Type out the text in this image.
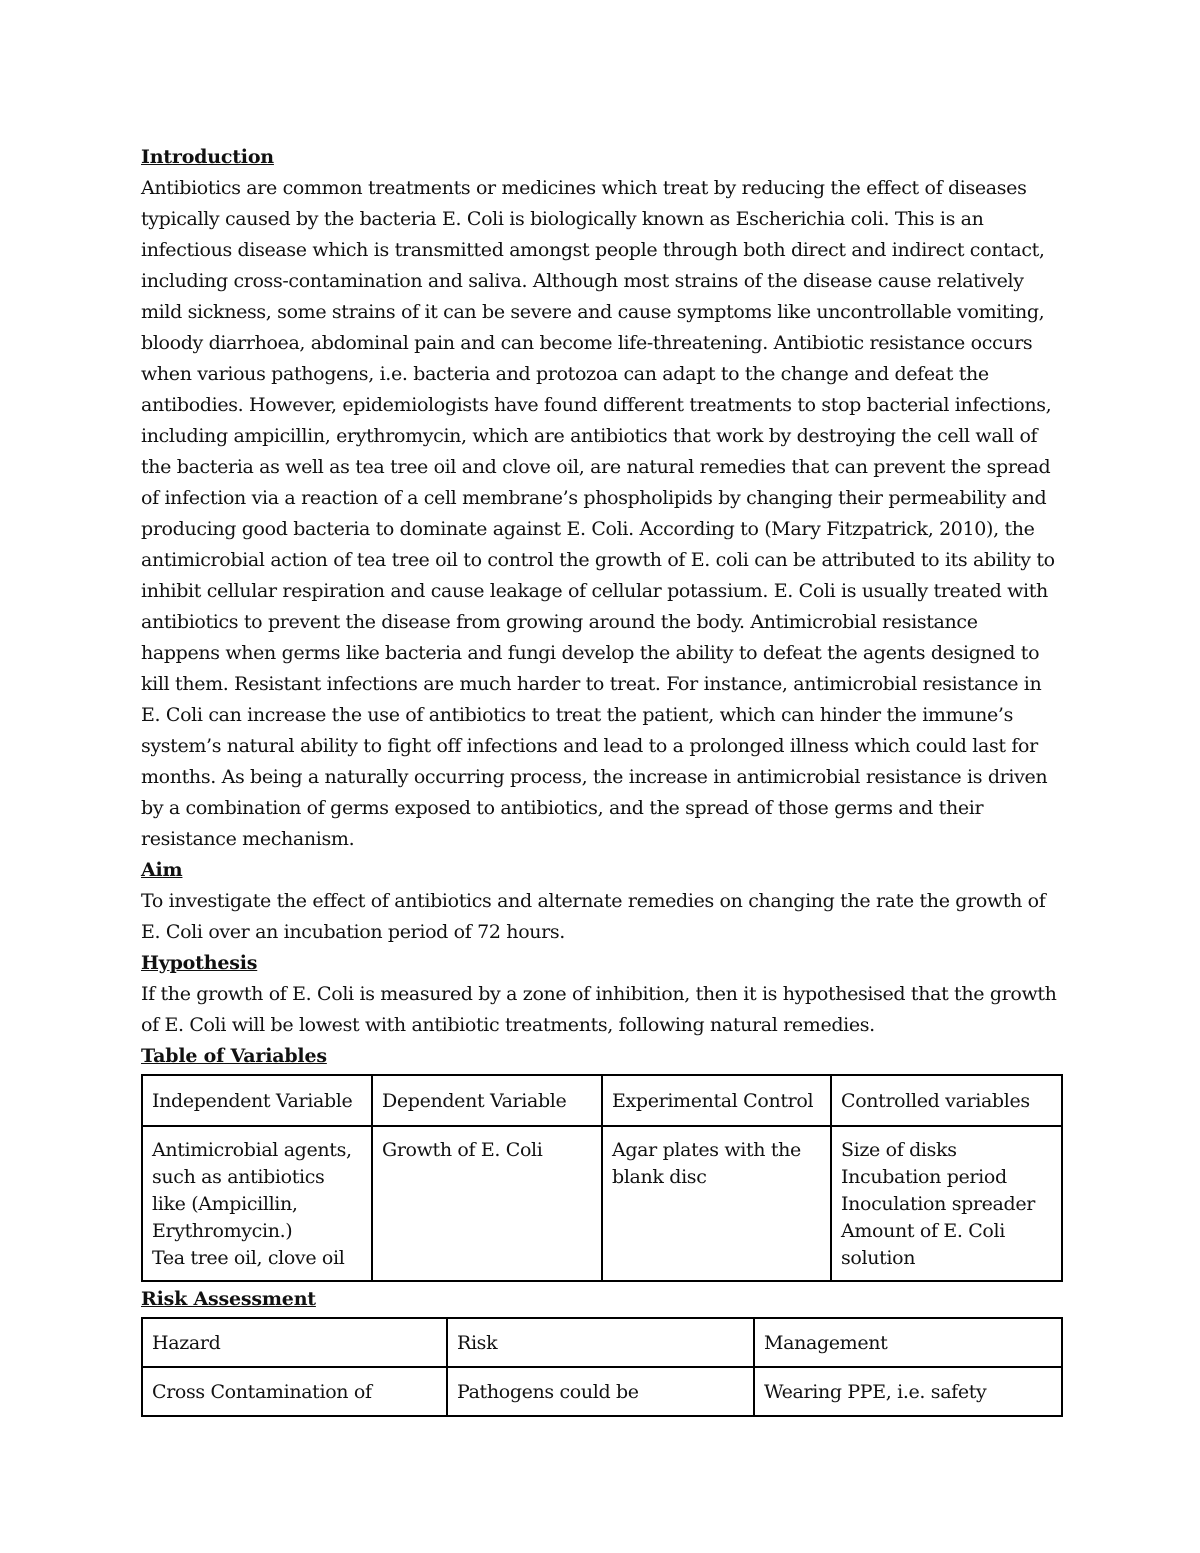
Introduction

Antibiotics are common treatments or medicines which treat by reducing the effect of diseases typically caused by the bacteria E. Coli is biologically known as Escherichia coli. This is an infectious disease which is transmitted amongst people through both direct and indirect contact, including cross-contamination and saliva. Although most strains of the disease cause relatively mild sickness, some strains of it can be severe and cause symptoms like uncontrollable vomiting, bloody diarrhoea, abdominal pain and can become life-threatening. Antibiotic resistance occurs when various pathogens, i.e. bacteria and protozoa can adapt to the change and defeat the antibodies. However, epidemiologists have found different treatments to stop bacterial infections, including ampicillin, erythromycin, which are antibiotics that work by destroying the cell wall of the bacteria as well as tea tree oil and clove oil, are natural remedies that can prevent the spread of infection via a reaction of a cell membrane’s phospholipids by changing their permeability and producing good bacteria to dominate against E. Coli. According to (Mary Fitzpatrick, 2010), the antimicrobial action of tea tree oil to control the growth of E. coli can be attributed to its ability to inhibit cellular respiration and cause leakage of cellular potassium. E. Coli is usually treated with antibiotics to prevent the disease from growing around the body. Antimicrobial resistance happens when germs like bacteria and fungi develop the ability to defeat the agents designed to kill them. Resistant infections are much harder to treat. For instance, antimicrobial resistance in E. Coli can increase the use of antibiotics to treat the patient, which can hinder the immune’s system’s natural ability to fight off infections and lead to a prolonged illness which could last for months. As being a naturally occurring process, the increase in antimicrobial resistance is driven by a combination of germs exposed to antibiotics, and the spread of those germs and their resistance mechanism.

Aim

To investigate the effect of antibiotics and alternate remedies on changing the rate the growth of E. Coli over an incubation period of 72 hours.

Hypothesis

If the growth of E. Coli is measured by a zone of inhibition, then it is hypothesised that the growth of E. Coli will be lowest with antibiotic treatments, following natural remedies.

Table of Variables

Independent Variable	Dependent Variable	Experimental Control	Controlled variables

Antimicrobial agents, such as antibiotics like (Ampicillin, Erythromycin.)
Tea tree oil, clove oil	Growth of E. Coli	Agar plates with the blank disc	Size of disks
Incubation period
Inoculation spreader
Amount of E. Coli solution

Risk Assessment

Hazard	Risk	Management
Cross Contamination of	Pathogens could be	Wearing PPE, i.e. safety
